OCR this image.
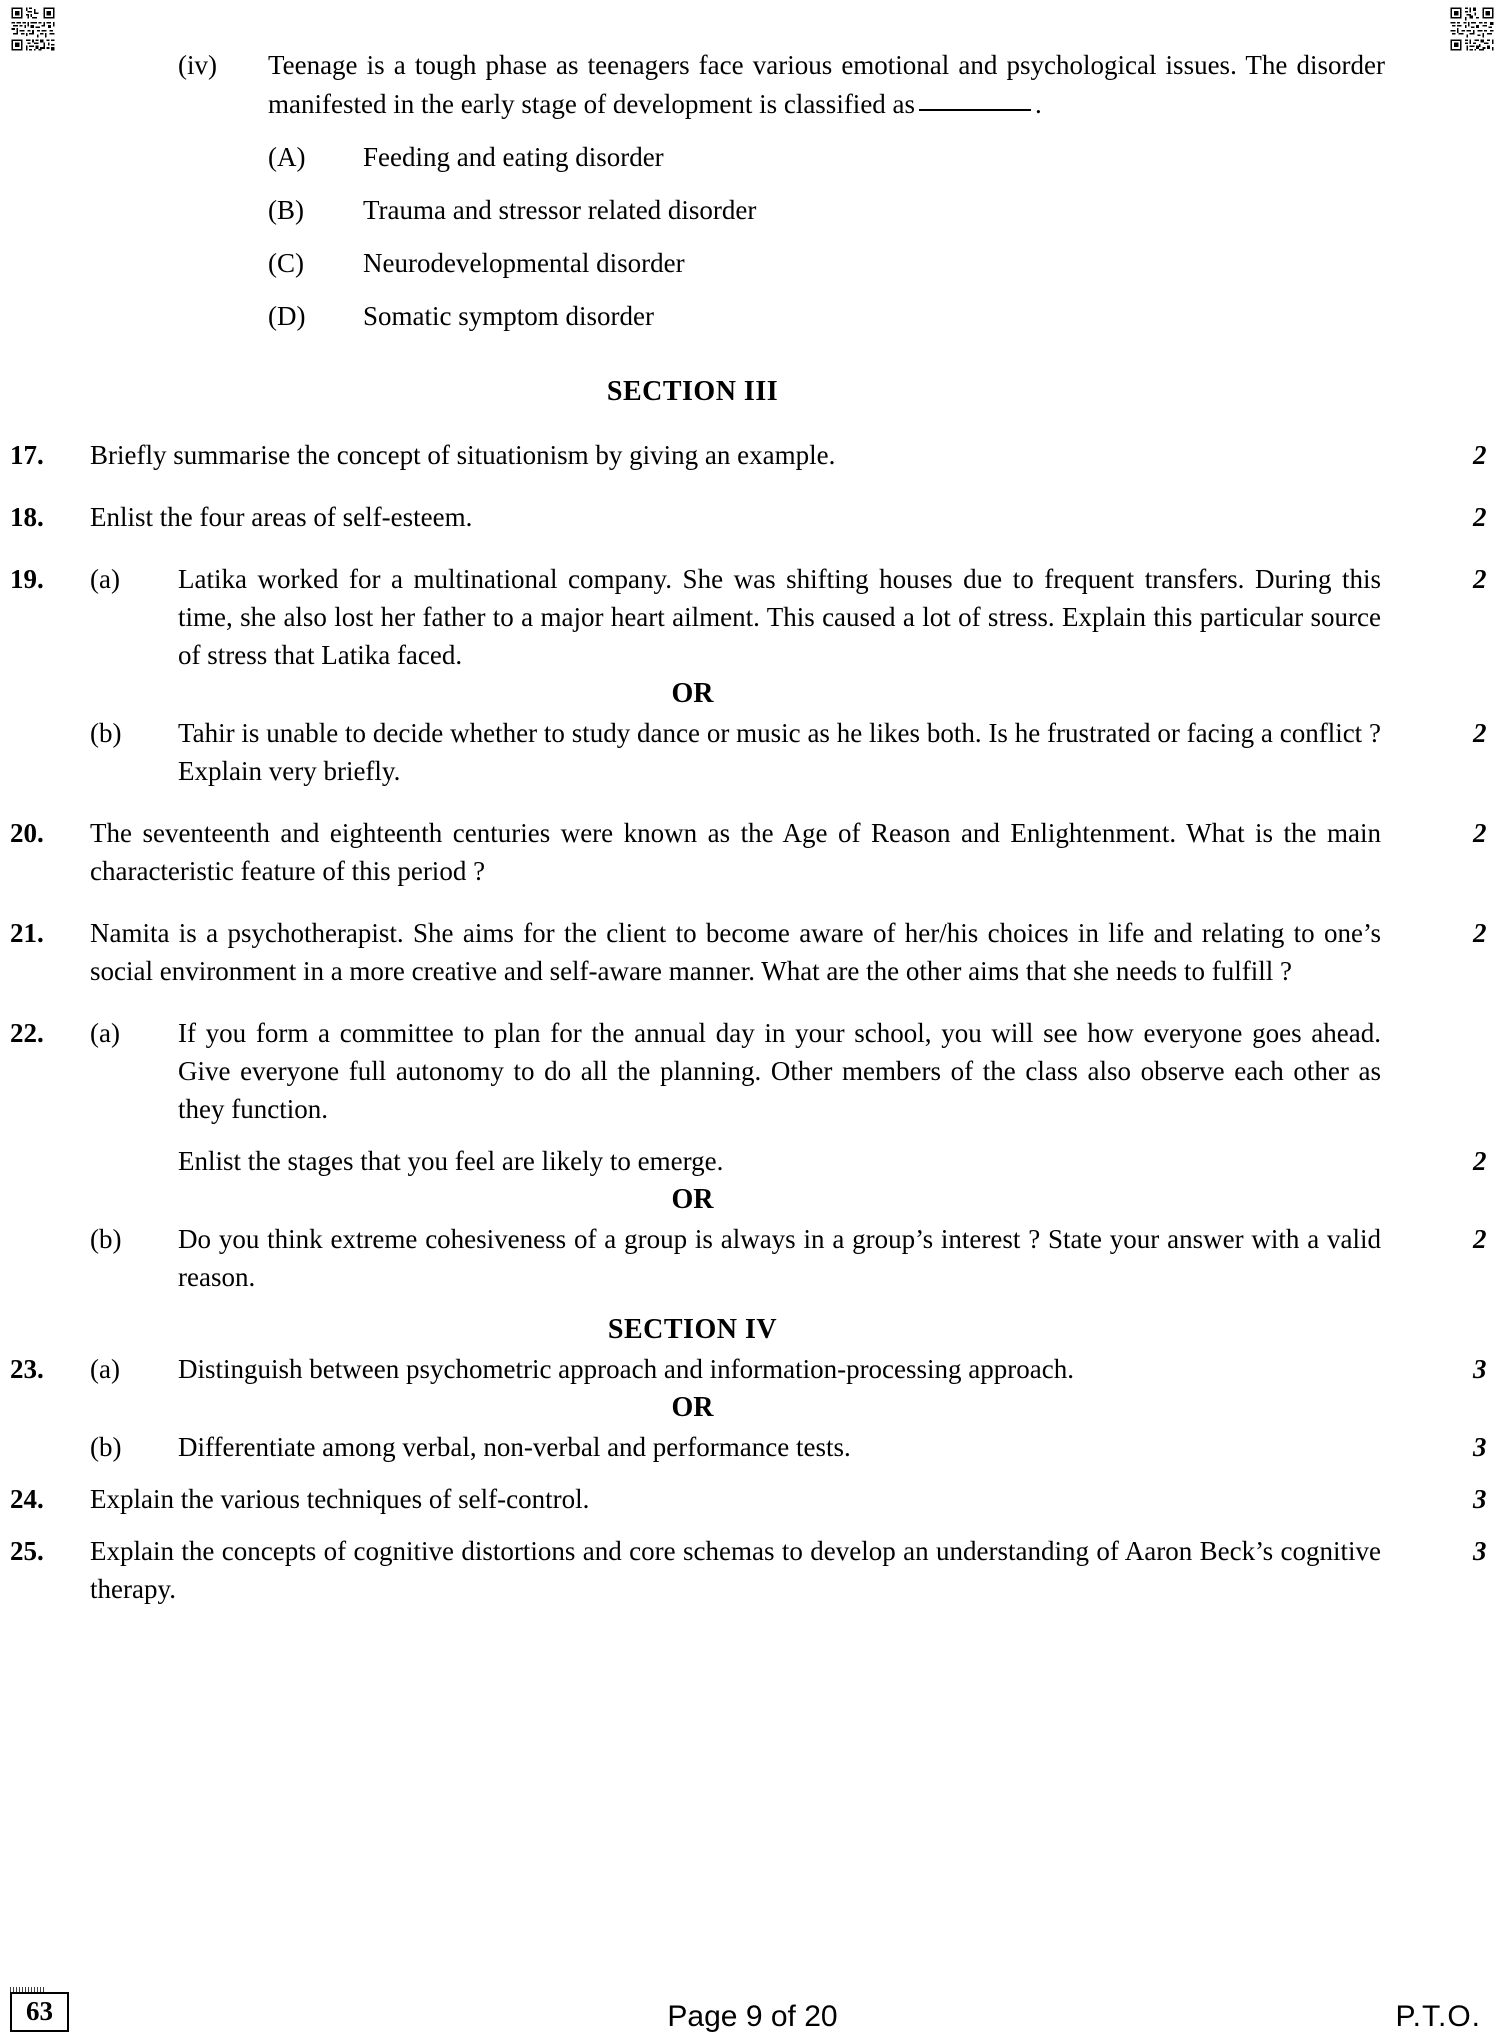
(iv)	Teenage is a tough phase as teenagers face various emotional and psychological issues. The disorder manifested in the early stage of development is classified as	.
(A)	Feeding and eating disorder
(B)	Trauma and stressor related disorder
(C)	Neurodevelopmental disorder
(D)	Somatic symptom disorder
SECTION III
17.	Briefly summarise the concept of situationism by giving an example.	2
18.	Enlist the four areas of self-esteem.	2
19.	(a)	Latika worked for a multinational company. She was shifting houses due to frequent transfers. During this time, she also lost her father to a major heart ailment. This caused a lot of stress. Explain this particular source of stress that Latika faced.
2
OR
(b)	Tahir is unable to decide whether to study dance or music as he likes both. Is he frustrated or facing a conflict ? Explain very briefly.
2
20.	The seventeenth and eighteenth centuries were known as the Age of Reason and Enlightenment. What is the main characteristic feature of this period ?
2
21.	Namita is a psychotherapist. She aims for the client to become aware of her/his choices in life and relating to one’s social environment in a more creative and self-aware manner. What are the other aims that she needs to fulfill ?
2
22.	(a)	If you form a committee to plan for the annual day in your school, you will see how everyone goes ahead. Give everyone full autonomy to do all the planning. Other members of the class also observe each other as they function.
Enlist the stages that you feel are likely to emerge.	2
OR
(b)	Do you think extreme cohesiveness of a group is always in a group’s interest ? State your answer with a valid reason.
2
SECTION IV
23.	(a)	Distinguish between psychometric approach and information-processing approach.	3
OR
(b)	Differentiate among verbal, non-verbal and performance tests.	3
24.	Explain the various techniques of self-control.	3
25.	Explain the concepts of cognitive distortions and core schemas to develop an understanding of Aaron Beck’s cognitive therapy.
3
63	Page 9 of 20	P.T.O.
